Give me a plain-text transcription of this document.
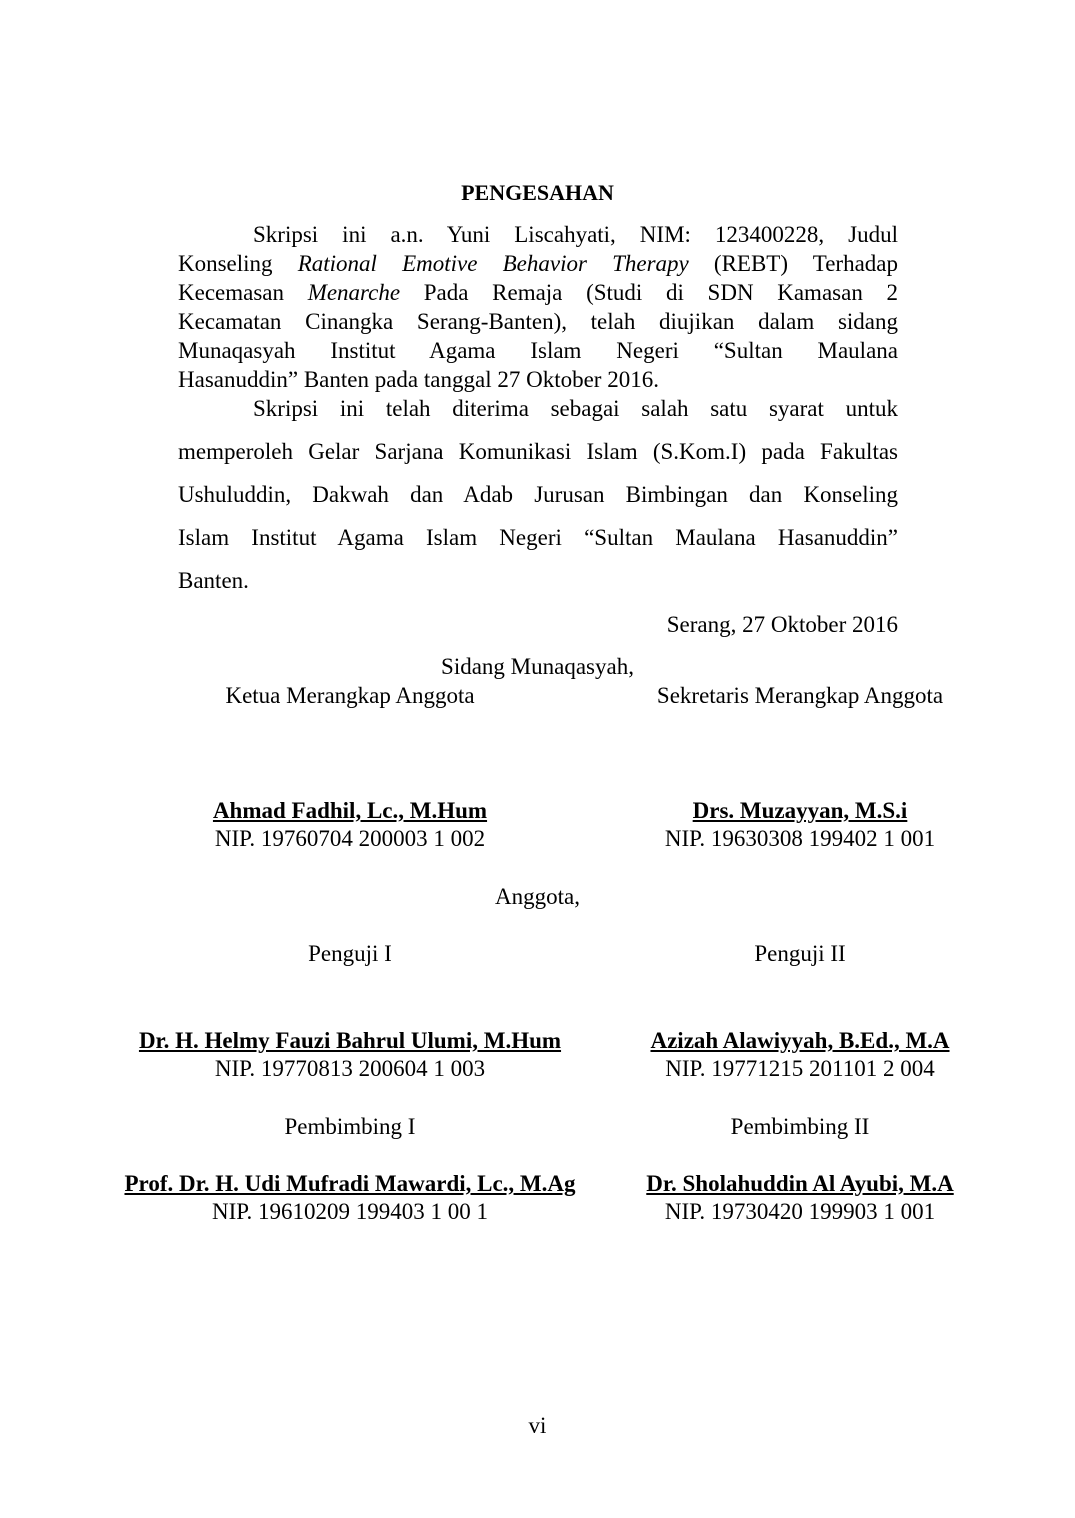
PENGESAHAN
Skripsi ini a.n. Yuni Liscahyati, NIM: 123400228, Judul
Konseling Rational Emotive Behavior Therapy (REBT) Terhadap
Kecemasan Menarche Pada Remaja (Studi di SDN Kamasan 2
Kecamatan Cinangka Serang-Banten), telah diujikan dalam sidang
Munaqasyah Institut Agama Islam Negeri “Sultan Maulana
Hasanuddin” Banten pada tanggal 27 Oktober 2016.
Skripsi ini telah diterima sebagai salah satu syarat untuk
memperoleh Gelar Sarjana Komunikasi Islam (S.Kom.I) pada Fakultas
Ushuluddin, Dakwah dan Adab Jurusan Bimbingan dan Konseling
Islam Institut Agama Islam Negeri “Sultan Maulana Hasanuddin”
Banten.
Serang, 27 Oktober 2016
Sidang Munaqasyah,
Ketua Merangkap Anggota	Sekretaris Merangkap Anggota
Ahmad Fadhil, Lc., M.Hum
NIP. 19760704 200003 1 002
Drs. Muzayyan, M.S.i
NIP. 19630308 199402 1 001
Anggota,
Penguji I	Penguji II
Dr. H. Helmy Fauzi Bahrul Ulumi, M.Hum
NIP. 19770813 200604 1 003
Azizah Alawiyyah, B.Ed., M.A
NIP. 19771215 201101 2 004
Pembimbing I	Pembimbing II
Prof. Dr. H. Udi Mufradi Mawardi, Lc., M.Ag
NIP. 19610209 199403 1 00 1
Dr. Sholahuddin Al Ayubi, M.A
NIP. 19730420 199903 1 001
vi
